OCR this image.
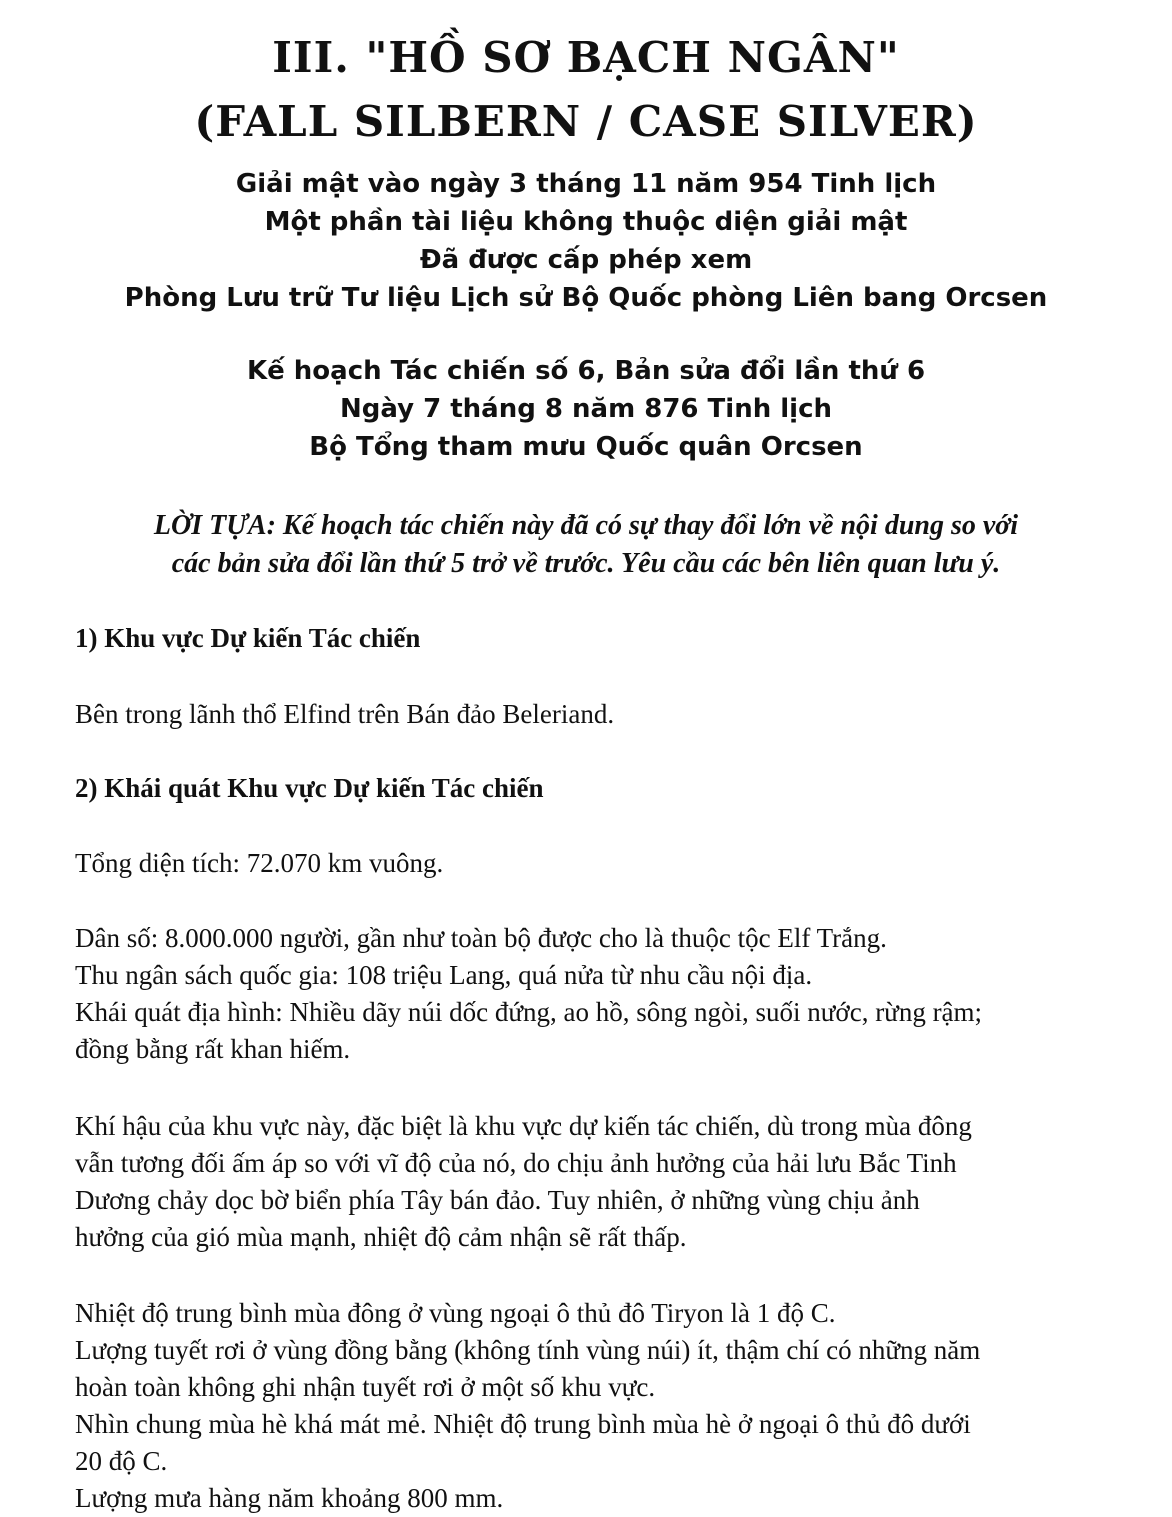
III. "HỒ SƠ BẠCH NGÂN"
(FALL SILBERN / CASE SILVER)
Giải mật vào ngày 3 tháng 11 năm 954 Tinh lịch
Một phần tài liệu không thuộc diện giải mật
Đã được cấp phép xem
Phòng Lưu trữ Tư liệu Lịch sử Bộ Quốc phòng Liên bang Orcsen
Kế hoạch Tác chiến số 6, Bản sửa đổi lần thứ 6
Ngày 7 tháng 8 năm 876 Tinh lịch
Bộ Tổng tham mưu Quốc quân Orcsen
LỜI TỰA: Kế hoạch tác chiến này đã có sự thay đổi lớn về nội dung so với
các bản sửa đổi lần thứ 5 trở về trước. Yêu cầu các bên liên quan lưu ý.
1) Khu vực Dự kiến Tác chiến

Bên trong lãnh thổ Elfind trên Bán đảo Beleriand.

2) Khái quát Khu vực Dự kiến Tác chiến

Tổng diện tích: 72.070 km vuông.

Dân số: 8.000.000 người, gần như toàn bộ được cho là thuộc tộc Elf Trắng.
Thu ngân sách quốc gia: 108 triệu Lang, quá nửa từ nhu cầu nội địa.
Khái quát địa hình: Nhiều dãy núi dốc đứng, ao hồ, sông ngòi, suối nước, rừng rậm;
đồng bằng rất khan hiếm.
Khí hậu của khu vực này, đặc biệt là khu vực dự kiến tác chiến, dù trong mùa đông
vẫn tương đối ấm áp so với vĩ độ của nó, do chịu ảnh hưởng của hải lưu Bắc Tinh
Dương chảy dọc bờ biển phía Tây bán đảo. Tuy nhiên, ở những vùng chịu ảnh
hưởng của gió mùa mạnh, nhiệt độ cảm nhận sẽ rất thấp.
Nhiệt độ trung bình mùa đông ở vùng ngoại ô thủ đô Tiryon là 1 độ C.
Lượng tuyết rơi ở vùng đồng bằng (không tính vùng núi) ít, thậm chí có những năm
hoàn toàn không ghi nhận tuyết rơi ở một số khu vực.
Nhìn chung mùa hè khá mát mẻ. Nhiệt độ trung bình mùa hè ở ngoại ô thủ đô dưới
20 độ C.
Lượng mưa hàng năm khoảng 800 mm.
